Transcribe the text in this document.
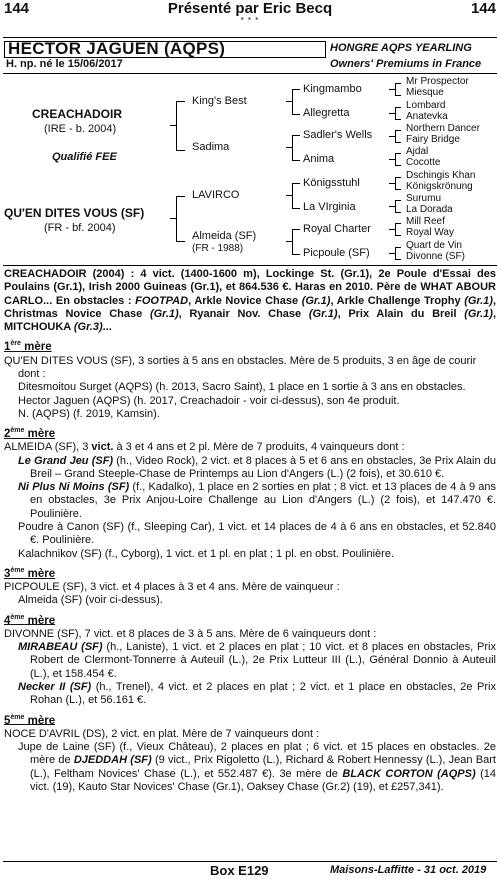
144	Présenté par Eric Becq	144
* * *
HECTOR JAGUEN (AQPS)	HONGRE AQPS YEARLING
H. np. né le 15/06/2017	Owners' Premiums in France
CREACHADOIR
(IRE - b. 2004)
Qualifié FEE
QU'EN DITES VOUS (SF)
(FR - bf. 2004)
King's Best
Sadima
LAVIRCO
Almeida (SF)
(FR - 1988)
Kingmambo
Allegretta
Sadler's Wells
Anima
Königsstuhl
La VIrginia
Royal Charter
Picpoule (SF)
Mr Prospector
Miesque
Lombard
Anatevka
Northern Dancer
Fairy Bridge
Ajdal
Cocotte
Dschingis Khan
Königskrönung
Surumu
La Dorada
Mill Reef
Royal Way
Quart de Vin
Divonne (SF)

CREACHADOIR (2004) : 4 vict. (1400-1600 m), Lockinge St. (Gr.1), 2e Poule d'Essai des Poulains (Gr.1), Irish 2000 Guineas (Gr.1), et 864.536 €. Haras en 2010. Père de WHAT ABOUR CARLO... En obstacles : FOOTPAD, Arkle Novice Chase (Gr.1), Arkle Challenge Trophy (Gr.1), Christmas Novice Chase (Gr.1), Ryanair Nov. Chase (Gr.1), Prix Alain du Breil (Gr.1), MITCHOUKA (Gr.3)...

1ère mère

QU'EN DITES VOUS (SF), 3 sorties à 5 ans en obstacles. Mère de 5 produits, 3 en âge de courir dont :

Ditesmoitou Surget (AQPS) (h. 2013, Sacro Saint), 1 place en 1 sortie à 3 ans en obstacles.

Hector Jaguen (AQPS) (h. 2017, Creachadoir - voir ci-dessus), son 4e produit.

N. (AQPS) (f. 2019, Kamsin).

2ème mère

ALMEIDA (SF), 3 vict. à 3 et 4 ans et 2 pl. Mère de 7 produits, 4 vainqueurs dont :

Le Grand Jeu (SF) (h., Video Rock), 2 vict. et 8 places à 5 et 6 ans en obstacles, 3e Prix Alain du Breil – Grand Steeple-Chase de Printemps au Lion d'Angers (L.) (2 fois), et 30.610 €.

Ni Plus Ni Moins (SF) (f., Kadalko), 1 place en 2 sorties en plat ; 8 vict. et 13 places de 4 à 9 ans en obstacles, 3e Prix Anjou-Loire Challenge au Lion d'Angers (L.) (2 fois), et 147.470 €. Poulinière.

Poudre à Canon (SF) (f., Sleeping Car), 1 vict. et 14 places de 4 à 6 ans en obstacles, et 52.840 €. Poulinière.

Kalachnikov (SF) (f., Cyborg), 1 vict. et 1 pl. en plat ; 1 pl. en obst. Poulinière.

3ème mère

PICPOULE (SF), 3 vict. et 4 places à 3 et 4 ans. Mère de vainqueur :

Almeida (SF) (voir ci-dessus).

4ème mère

DIVONNE (SF), 7 vict. et 8 places de 3 à 5 ans. Mère de 6 vainqueurs dont :

MIRABEAU (SF) (h., Laniste), 1 vict. et 2 places en plat ; 10 vict. et 8 places en obstacles, Prix Robert de Clermont-Tonnerre à Auteuil (L.), 2e Prix Lutteur III (L.), Général Donnio à Auteuil (L.), et 158.454 €.

Necker II (SF) (h., Trenel), 4 vict. et 2 places en plat ; 2 vict. et 1 place en obstacles, 2e Prix Rohan (L.), et 56.161 €.

5ème mère

NOCE D'AVRIL (DS), 2 vict. en plat. Mère de 7 vainqueurs dont :

Jupe de Laine (SF) (f., Vieux Château), 2 places en plat ; 6 vict. et 15 places en obstacles. 2e mère de DJEDDAH (SF) (9 vict., Prix Rigoletto (L.), Richard & Robert Hennessy (L.), Jean Bart (L.), Feltham Novices' Chase (L.), et 552.487 €). 3e mère de BLACK CORTON (AQPS) (14 vict. (19), Kauto Star Novices' Chase (Gr.1), Oaksey Chase (Gr.2) (19), et £257,341).

Box E129	Maisons-Laffitte - 31 oct. 2019
